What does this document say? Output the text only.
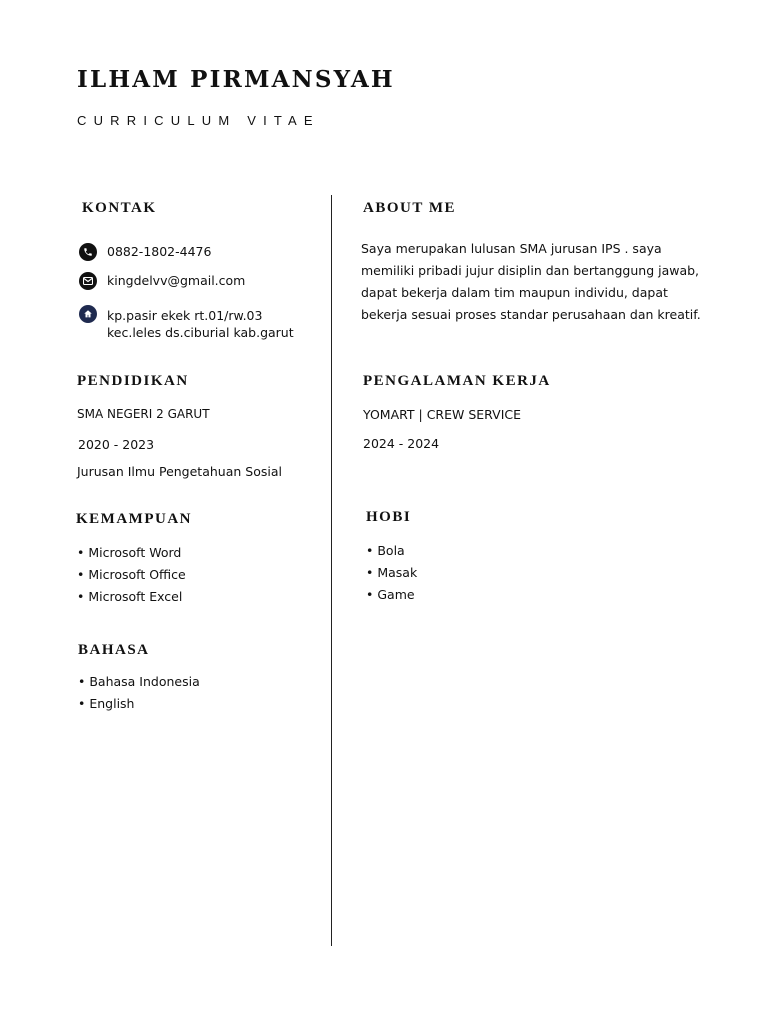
ILHAM PIRMANSYAH
CURRICULUM VITAE
KONTAK
0882-1802-4476
kingdelvv@gmail.com
kp.pasir ekek rt.01/rw.03
kec.leles ds.ciburial kab.garut
ABOUT ME
Saya merupakan lulusan SMA jurusan IPS . saya
memiliki pribadi jujur disiplin dan bertanggung jawab,
dapat bekerja dalam tim maupun individu, dapat
bekerja sesuai proses standar perusahaan dan kreatif.
PENDIDIKAN
SMA NEGERI 2 GARUT
2020 - 2023
Jurusan Ilmu Pengetahuan Sosial
PENGALAMAN KERJA
YOMART | CREW SERVICE
2024 - 2024
KEMAMPUAN
• Microsoft Word
• Microsoft Office
• Microsoft Excel
HOBI
• Bola
• Masak
• Game
BAHASA
• Bahasa Indonesia
• English
